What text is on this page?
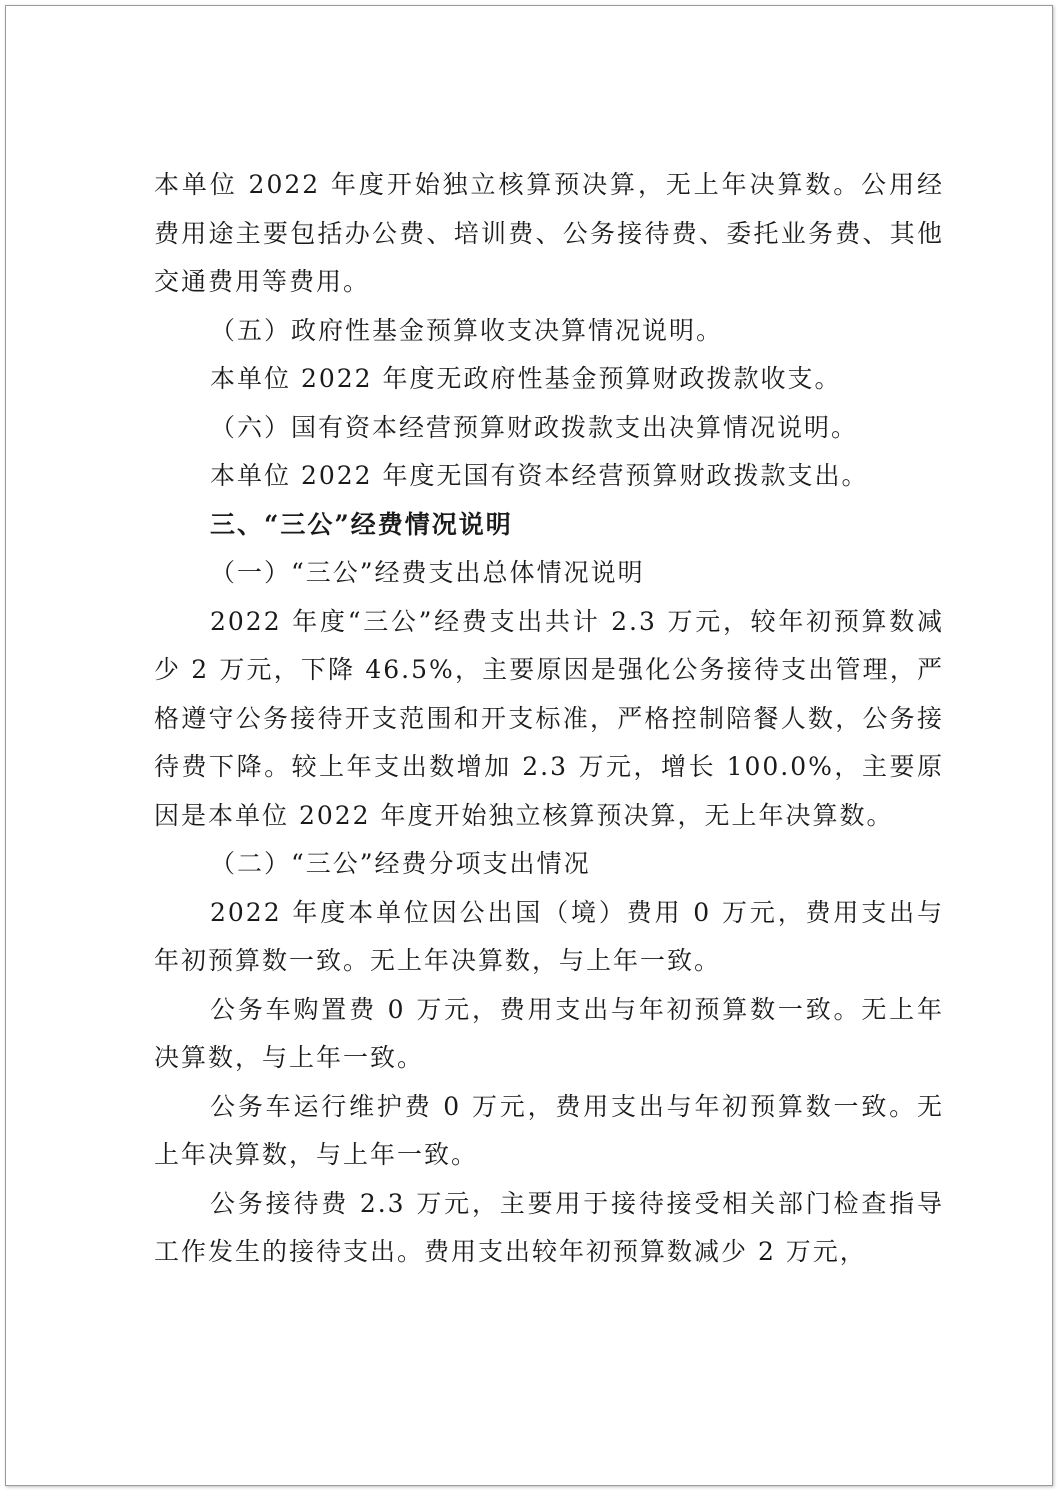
本单位 2022 年度开始独立核算预决算，无上年决算数。公用经费用途主要包括办公费、培训费、公务接待费、委托业务费、其他交通费用等费用。

（五）政府性基金预算收支决算情况说明。

本单位 2022 年度无政府性基金预算财政拨款收支。

（六）国有资本经营预算财政拨款支出决算情况说明。

本单位 2022 年度无国有资本经营预算财政拨款支出。

三、“三公”经费情况说明

（一）“三公”经费支出总体情况说明

2022 年度“三公”经费支出共计 2.3 万元，较年初预算数减少 2 万元，下降 46.5%，主要原因是强化公务接待支出管理，严格遵守公务接待开支范围和开支标准，严格控制陪餐人数，公务接待费下降。较上年支出数增加 2.3 万元，增长 100.0%，主要原因是本单位 2022 年度开始独立核算预决算，无上年决算数。

（二）“三公”经费分项支出情况

2022 年度本单位因公出国（境）费用 0 万元，费用支出与年初预算数一致。无上年决算数，与上年一致。

公务车购置费 0 万元，费用支出与年初预算数一致。无上年决算数，与上年一致。

公务车运行维护费 0 万元，费用支出与年初预算数一致。无上年决算数，与上年一致。

公务接待费 2.3 万元，主要用于接待接受相关部门检查指导工作发生的接待支出。费用支出较年初预算数减少 2 万元，
